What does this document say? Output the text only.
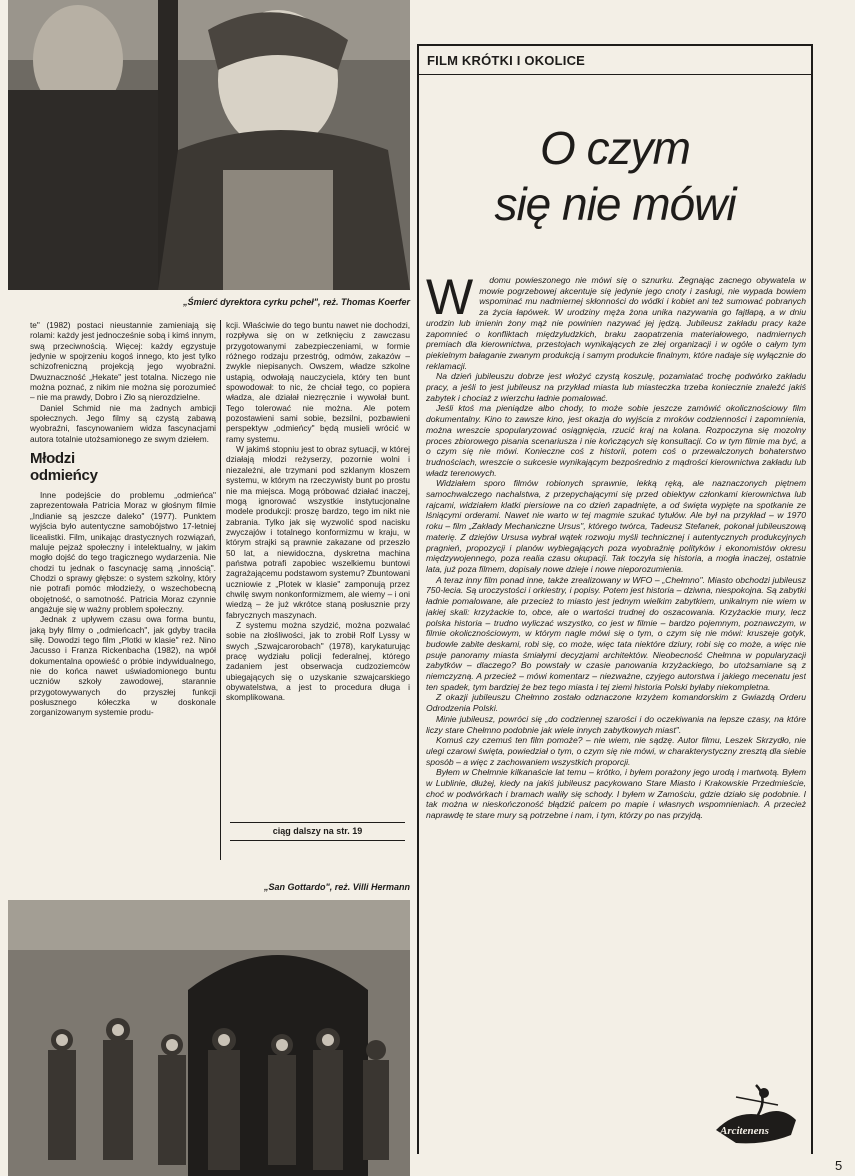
„Śmierć dyrektora cyrku pcheł", reż. Thomas Koerfer

te" (1982) postaci nieustannie zamieniają się rolami: każdy jest jednocześnie sobą i kimś innym, swą przeciwnością. Więcej: każdy egzystuje jedynie w spojrzeniu kogoś innego, kto jest tylko schizofreniczną projekcją jego wyobraźni. Dwuznaczność „Hekate" jest totalna. Niczego nie można poznać, z nikim nie można się porozumieć – nie ma prawdy, Dobro i Zło są nierozdzielne.

Daniel Schmid nie ma żadnych ambicji społecznych. Jego filmy są czystą zabawą wyobraźni, fascynowaniem widza fascynacjami autora totalnie utożsamionego ze swym dziełem.

Młodzi
odmieńcy

Inne podejście do problemu „odmieńca" zaprezentowała Patricia Moraz w głośnym filmie „Indianie są jeszcze daleko" (1977). Punktem wyjścia było autentyczne samobójstwo 17-letniej licealistki. Film, unikając drastycznych rozwiązań, maluje pejzaż społeczny i intelektualny, w jakim mogło dojść do tego tragicznego wydarzenia. Nie chodzi tu jednak o fascynację samą „innością". Chodzi o sprawy głębsze: o system szkolny, który nie potrafi pomóc młodzieży, o wszechobecną obojętność, o samotność. Patricia Moraz czynnie angażuje się w ważny problem społeczny.

Jednak z upływem czasu owa forma buntu, jaką były filmy o „odmieńcach", jak gdyby traciła siłę. Dowodzi tego film „Plotki w klasie" reż. Nino Jacusso i Franza Rickenbacha (1982), na wpół dokumentalna opowieść o próbie indywidualnego, nie do końca nawet uświadomionego buntu uczniów szkoły zawodowej, starannie przygotowywanych do przyszłej funkcji posłusznego kółeczka w doskonale zorganizowanym systemie produ-

kcji. Właściwie do tego buntu nawet nie dochodzi, rozpływa się on w zetknięciu z zawczasu przygotowanymi zabezpieczeniami, w formie różnego rodzaju przestróg, odmów, zakazów – zwykle niepisanych. Owszem, władze szkolne ustąpią, odwołają nauczyciela, który ten bunt spowodował: to nic, że chciał tego, co popiera władza, ale działał niezręcznie i wywołał bunt. Tego tolerować nie można. Ale potem pozostawieni sami sobie, bezsilni, pozbawieni perspektyw „odmieńcy" będą musieli wrócić w ramy systemu.

W jakimś stopniu jest to obraz sytuacji, w której działają młodzi reżyserzy, pozornie wolni i niezależni, ale trzymani pod szklanym kloszem systemu, w którym na rzeczywisty bunt po prostu nie ma miejsca. Mogą próbować działać inaczej, mogą ignorować wszystkie instytucjonalne modele produkcji: proszę bardzo, tego im nikt nie zabrania. Tylko jak się wyzwolić spod nacisku zwyczajów i totalnego konformizmu w kraju, w którym strajki są prawnie zakazane od przeszło 50 lat, a niewidoczna, dyskretna machina państwa potrafi zapobiec wszelkiemu buntowi zagrażającemu podstawom systemu? Zbuntowani uczniowie z „Plotek w klasie" zamponują przez chwilę swym nonkonformizmem, ale wiemy – i oni wiedzą – że już wkrótce staną posłusznie przy fabrycznych maszynach.

Z systemu można szydzić, można pozwalać sobie na złośliwości, jak to zrobił Rolf Lyssy w swych „Szwajcarorobach" (1978), karykaturując pracę wydziału policji federalnej, którego zadaniem jest obserwacja cudzoziemców ubiegających się o uzyskanie szwajcarskiego obywatelstwa, a jest to procedura długa i skomplikowana.

ciąg dalszy na str. 19
„San Gottardo", reż. Villi Hermann
FILM KRÓTKI I OKOLICE
O czym
się nie mówi
W	domu powieszonego nie mówi się o sznurku. Żegnając zacnego obywatela w mowie pogrzebowej akcentuje się jedynie jego cnoty i zasługi, nie wypada bowiem wspominać mu nadmiernej skłonności do wódki i kobiet ani też sumować pobranych za życia łapówek. W urodziny męża żona unika nazywania go fajtłapą, a w dniu urodzin lub imienin żony mąż nie powinien nazywać jej jędzą. Jubileusz zakładu pracy każe zapomnieć o konfliktach międzyludzkich, braku zaopatrzenia materiałowego, nadmiernych premiach dla kierownictwa, przestojach wynikających ze złej organizacji i w ogóle o całym tym piekielnym bałaganie zwanym produkcją i samym produkcie finalnym, które nadaje się wyłącznie do reklamacji.

Na dzień jubileuszu dobrze jest włożyć czystą koszulę, pozamiatać trochę podwórko zakładu pracy, a jeśli to jest jubileusz na przykład miasta lub miasteczka trzeba koniecznie znaleźć jakiś zabytek i chociaż z wierzchu ładnie pomalować.

Jeśli ktoś ma pieniądze albo chody, to może sobie jeszcze zamówić okolicznościowy film dokumentalny. Kino to zawsze kino, jest okazja do wyjścia z mroków codzienności i zapomnienia, można wreszcie spopularyzować osiągnięcia, rzucić kraj na kolana. Rozpoczyna się mozolny proces zbiorowego pisania scenariusza i nie kończących się konsultacji. Co w tym filmie ma być, a o czym się nie mówi. Konieczne coś z historii, potem coś o przewalczonych bohaterstwo trudnościach, wreszcie o sukcesie wynikającym bezpośrednio z mądrości kierownictwa zakładu lub władz terenowych.

Widziałem sporo filmów robionych sprawnie, lekką ręką, ale naznaczonych piętnem samochwalczego nachalstwa, z przepychającymi się przed obiektyw członkami kierownictwa lub rajcami, widziałem klatki piersiowe na co dzień zapadnięte, a od święta wypięte na spotkanie ze lśniącymi orderami. Nawet nie warto w tej magmie szukać tytułów. Ale był na przykład – w 1970 roku – film „Zakłady Mechaniczne Ursus", którego twórca, Tadeusz Stefanek, pokonał jubileuszową materię. Z dziejów Ursusa wybrał wątek rozwoju myśli technicznej i autentycznych produkcyjnych pragnień, propozycji i planów wybiegających poza wyobraźnię polityków i ekonomistów okresu międzywojennego, poza realia czasu okupacji. Tak toczyła się historia, a mogła inaczej, ostatnie lata, już poza filmem, dopisały nowe dzieje i nowe nieporozumienia.

A teraz inny film ponad inne, także zrealizowany w WFO – „Chełmno". Miasto obchodzi jubileusz 750-lecia. Są uroczystości i orkiestry, i popisy. Potem jest historia – dziwna, niespokojna. Są zabytki ładnie pomalowane, ale przecież to miasto jest jednym wielkim zabytkiem, unikalnym nie wiem w jakiej skali: krzyżackie to, obce, ale o wartości trudnej do oszacowania. Krzyżackie mury, lecz polska historia – trudno wyliczać wszystko, co jest w filmie – bardzo pojemnym, poznawczym, w filmie okolicznościowym, w którym nagle mówi się o tym, o czym się nie mówi: kruszeje gotyk, budowle zabite deskami, robi się, co może, więc tata niektóre dziury, robi się co może, a więc nie psuje panoramy miasta śmiałymi decyzjami architektów. Nieobecność Chełmna w popularyzacji zabytków – dlaczego? Bo powstały w czasie panowania krzyżackiego, bo utożsamiane są z niemczyzną. A przecież – mówi komentarz – niezważne, czyjego autorstwa i jakiego mecenatu jest ten spadek, tym bardziej że bez tego miasta i tej ziemi historia Polski byłaby niekompletna.

Z okazji jubileuszu Chełmno zostało odznaczone krzyżem komandorskim z Gwiazdą Orderu Odrodzenia Polski.

Minie jubileusz, powróci się „do codziennej szarości i do oczekiwania na lepsze czasy, na które liczy stare Chełmno podobnie jak wiele innych zabytkowych miast".

Komuś czy czemuś ten film pomoże? – nie wiem, nie sądzę. Autor filmu, Leszek Skrzydło, nie ulegi czarowi święta, powiedział o tym, o czym się nie mówi, w charakterystyczny zresztą dla siebie sposób – a więc z zachowaniem wszystkich proporcji.

Byłem w Chełmnie kilkanaście lat temu – krótko, i byłem porażony jego urodą i martwotą. Byłem w Lublinie, dłużej, kiedy na jakiś jubileusz pacykowano Stare Miasto i Krakowskie Przedmieście, choć w podwórkach i bramach waliły się schody. I byłem w Zamościu, gdzie działo się podobnie. I tak można w nieskończoność błądzić palcem po mapie i własnych wspomnieniach. A przecież naprawdę te stare mury są potrzebne i nam, i tym, którzy po nas przyjdą.

Arcitenens
5
